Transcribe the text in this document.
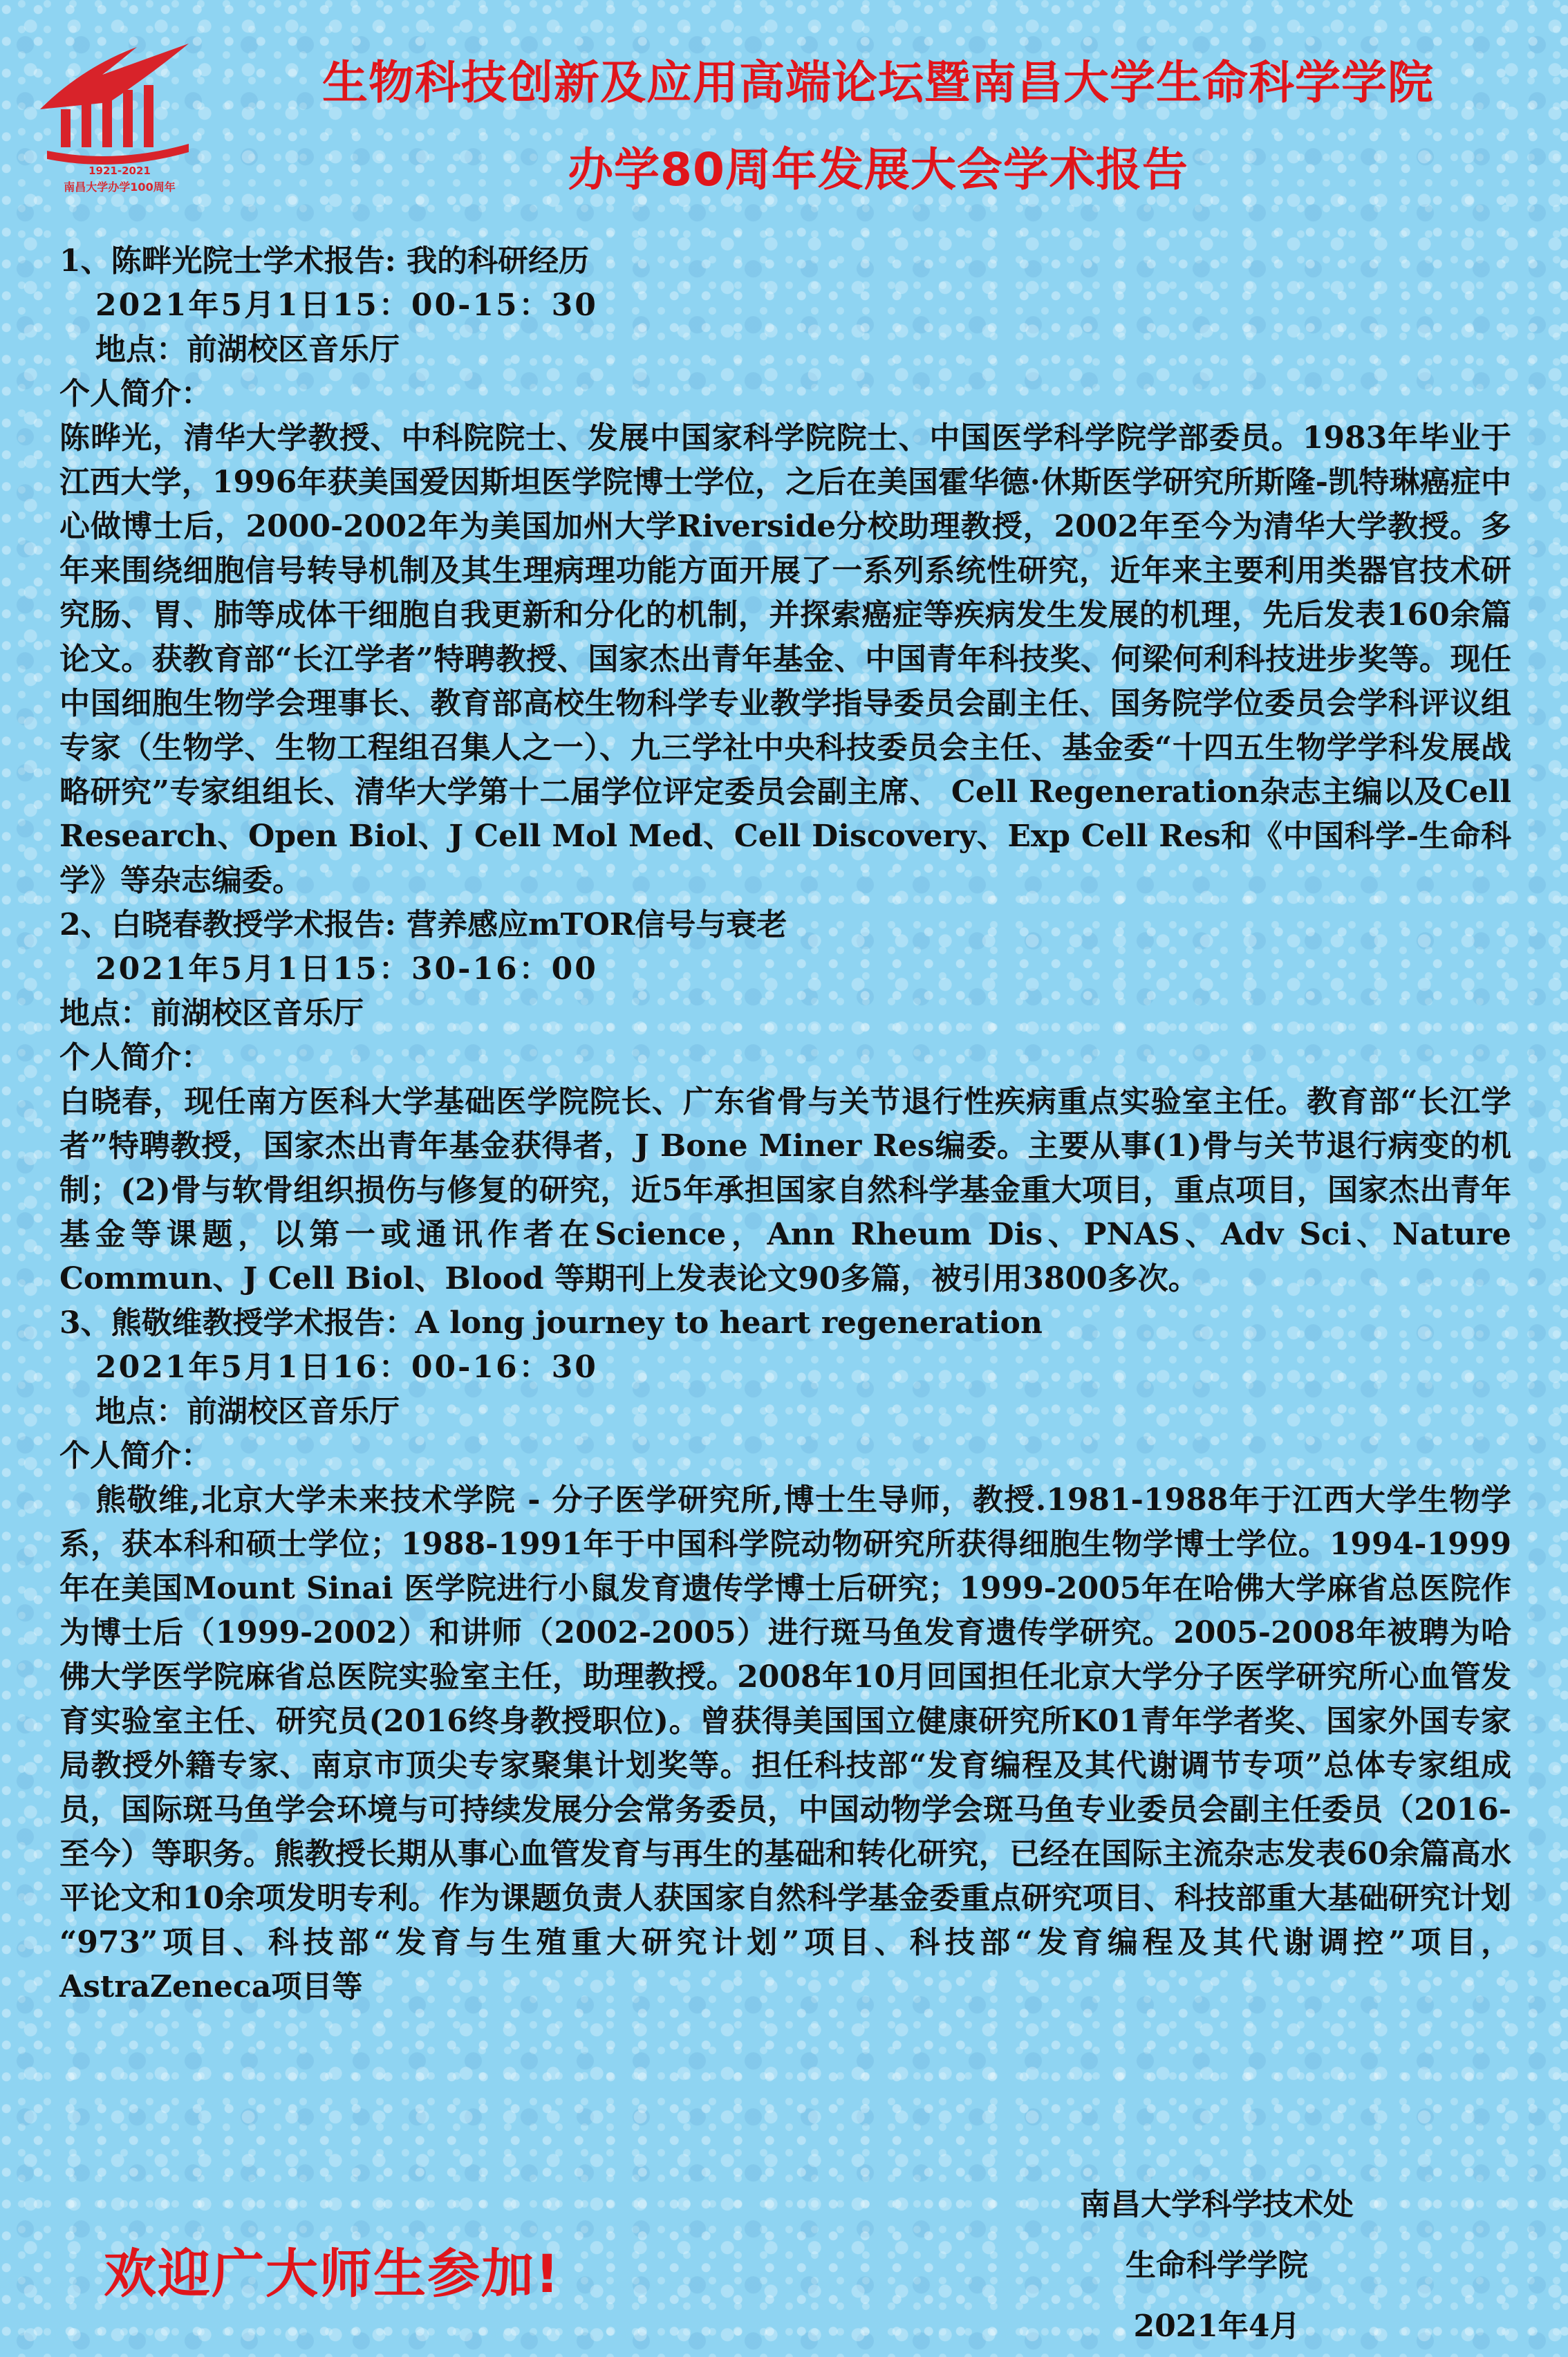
1921-2021
南昌大学办学100周年
生物科技创新及应用高端论坛暨南昌大学生命科学学院
办学80周年发展大会学术报告

1、陈畔光院士学术报告: 我的科研经历

2021年5月1日15：00-15：30

地点：前湖校区音乐厅

个人简介：

陈晔光，清华大学教授、中科院院士、发展中国家科学院院士、中国医学科学院学部委员。1983年毕业于江西大学，1996年获美国爱因斯坦医学院博士学位，之后在美国霍华德·休斯医学研究所斯隆-凯特琳癌症中心做博士后，2000-2002年为美国加州大学Riverside分校助理教授，2002年至今为清华大学教授。多年来围绕细胞信号转导机制及其生理病理功能方面开展了一系列系统性研究，近年来主要利用类器官技术研究肠、胃、肺等成体干细胞自我更新和分化的机制，并探索癌症等疾病发生发展的机理，先后发表160余篇论文。获教育部“长江学者”特聘教授、国家杰出青年基金、中国青年科技奖、何梁何利科技进步奖等。现任中国细胞生物学会理事长、教育部高校生物科学专业教学指导委员会副主任、国务院学位委员会学科评议组专家（生物学、生物工程组召集人之一）、九三学社中央科技委员会主任、基金委“十四五生物学学科发展战略研究”专家组组长、清华大学第十二届学位评定委员会副主席、 Cell Regeneration杂志主编以及Cell Research、Open Biol、J Cell Mol Med、Cell Discovery、Exp Cell Res和《中国科学-生命科学》等杂志编委。

2、白晓春教授学术报告: 营养感应mTOR信号与衰老

2021年5月1日15：30-16：00

地点：前湖校区音乐厅

个人简介：

白晓春，现任南方医科大学基础医学院院长、广东省骨与关节退行性疾病重点实验室主任。教育部“长江学者”特聘教授，国家杰出青年基金获得者，J Bone Miner Res编委。主要从事(1)骨与关节退行病变的机制；(2)骨与软骨组织损伤与修复的研究，近5年承担国家自然科学基金重大项目，重点项目，国家杰出青年基金等课题，以第一或通讯作者在Science，Ann Rheum Dis、PNAS、Adv Sci、Nature Commun、J Cell Biol、Blood 等期刊上发表论文90多篇，被引用3800多次。

3、熊敬维教授学术报告：A long journey to heart regeneration

2021年5月1日16：00-16：30

地点：前湖校区音乐厅

个人简介：

熊敬维,北京大学未来技术学院 - 分子医学研究所,博士生导师，教授.1981-1988年于江西大学生物学系，获本科和硕士学位；1988-1991年于中国科学院动物研究所获得细胞生物学博士学位。1994-1999年在美国Mount Sinai 医学院进行小鼠发育遗传学博士后研究；1999-2005年在哈佛大学麻省总医院作为博士后（1999-2002）和讲师（2002-2005）进行斑马鱼发育遗传学研究。2005-2008年被聘为哈佛大学医学院麻省总医院实验室主任，助理教授。2008年10月回国担任北京大学分子医学研究所心血管发育实验室主任、研究员(2016终身教授职位)。曾获得美国国立健康研究所K01青年学者奖、国家外国专家局教授外籍专家、南京市顶尖专家聚集计划奖等。担任科技部“发育编程及其代谢调节专项”总体专家组成员，国际斑马鱼学会环境与可持续发展分会常务委员，中国动物学会斑马鱼专业委员会副主任委员（2016-至今）等职务。熊教授长期从事心血管发育与再生的基础和转化研究，已经在国际主流杂志发表60余篇高水平论文和10余项发明专利。作为课题负责人获国家自然科学基金委重点研究项目、科技部重大基础研究计划 “973”项目、科技部“发育与生殖重大研究计划”项目、科技部“发育编程及其代谢调控”项目，AstraZeneca项目等

欢迎广大师生参加!
南昌大学科学技术处
生命科学学院
2021年4月
